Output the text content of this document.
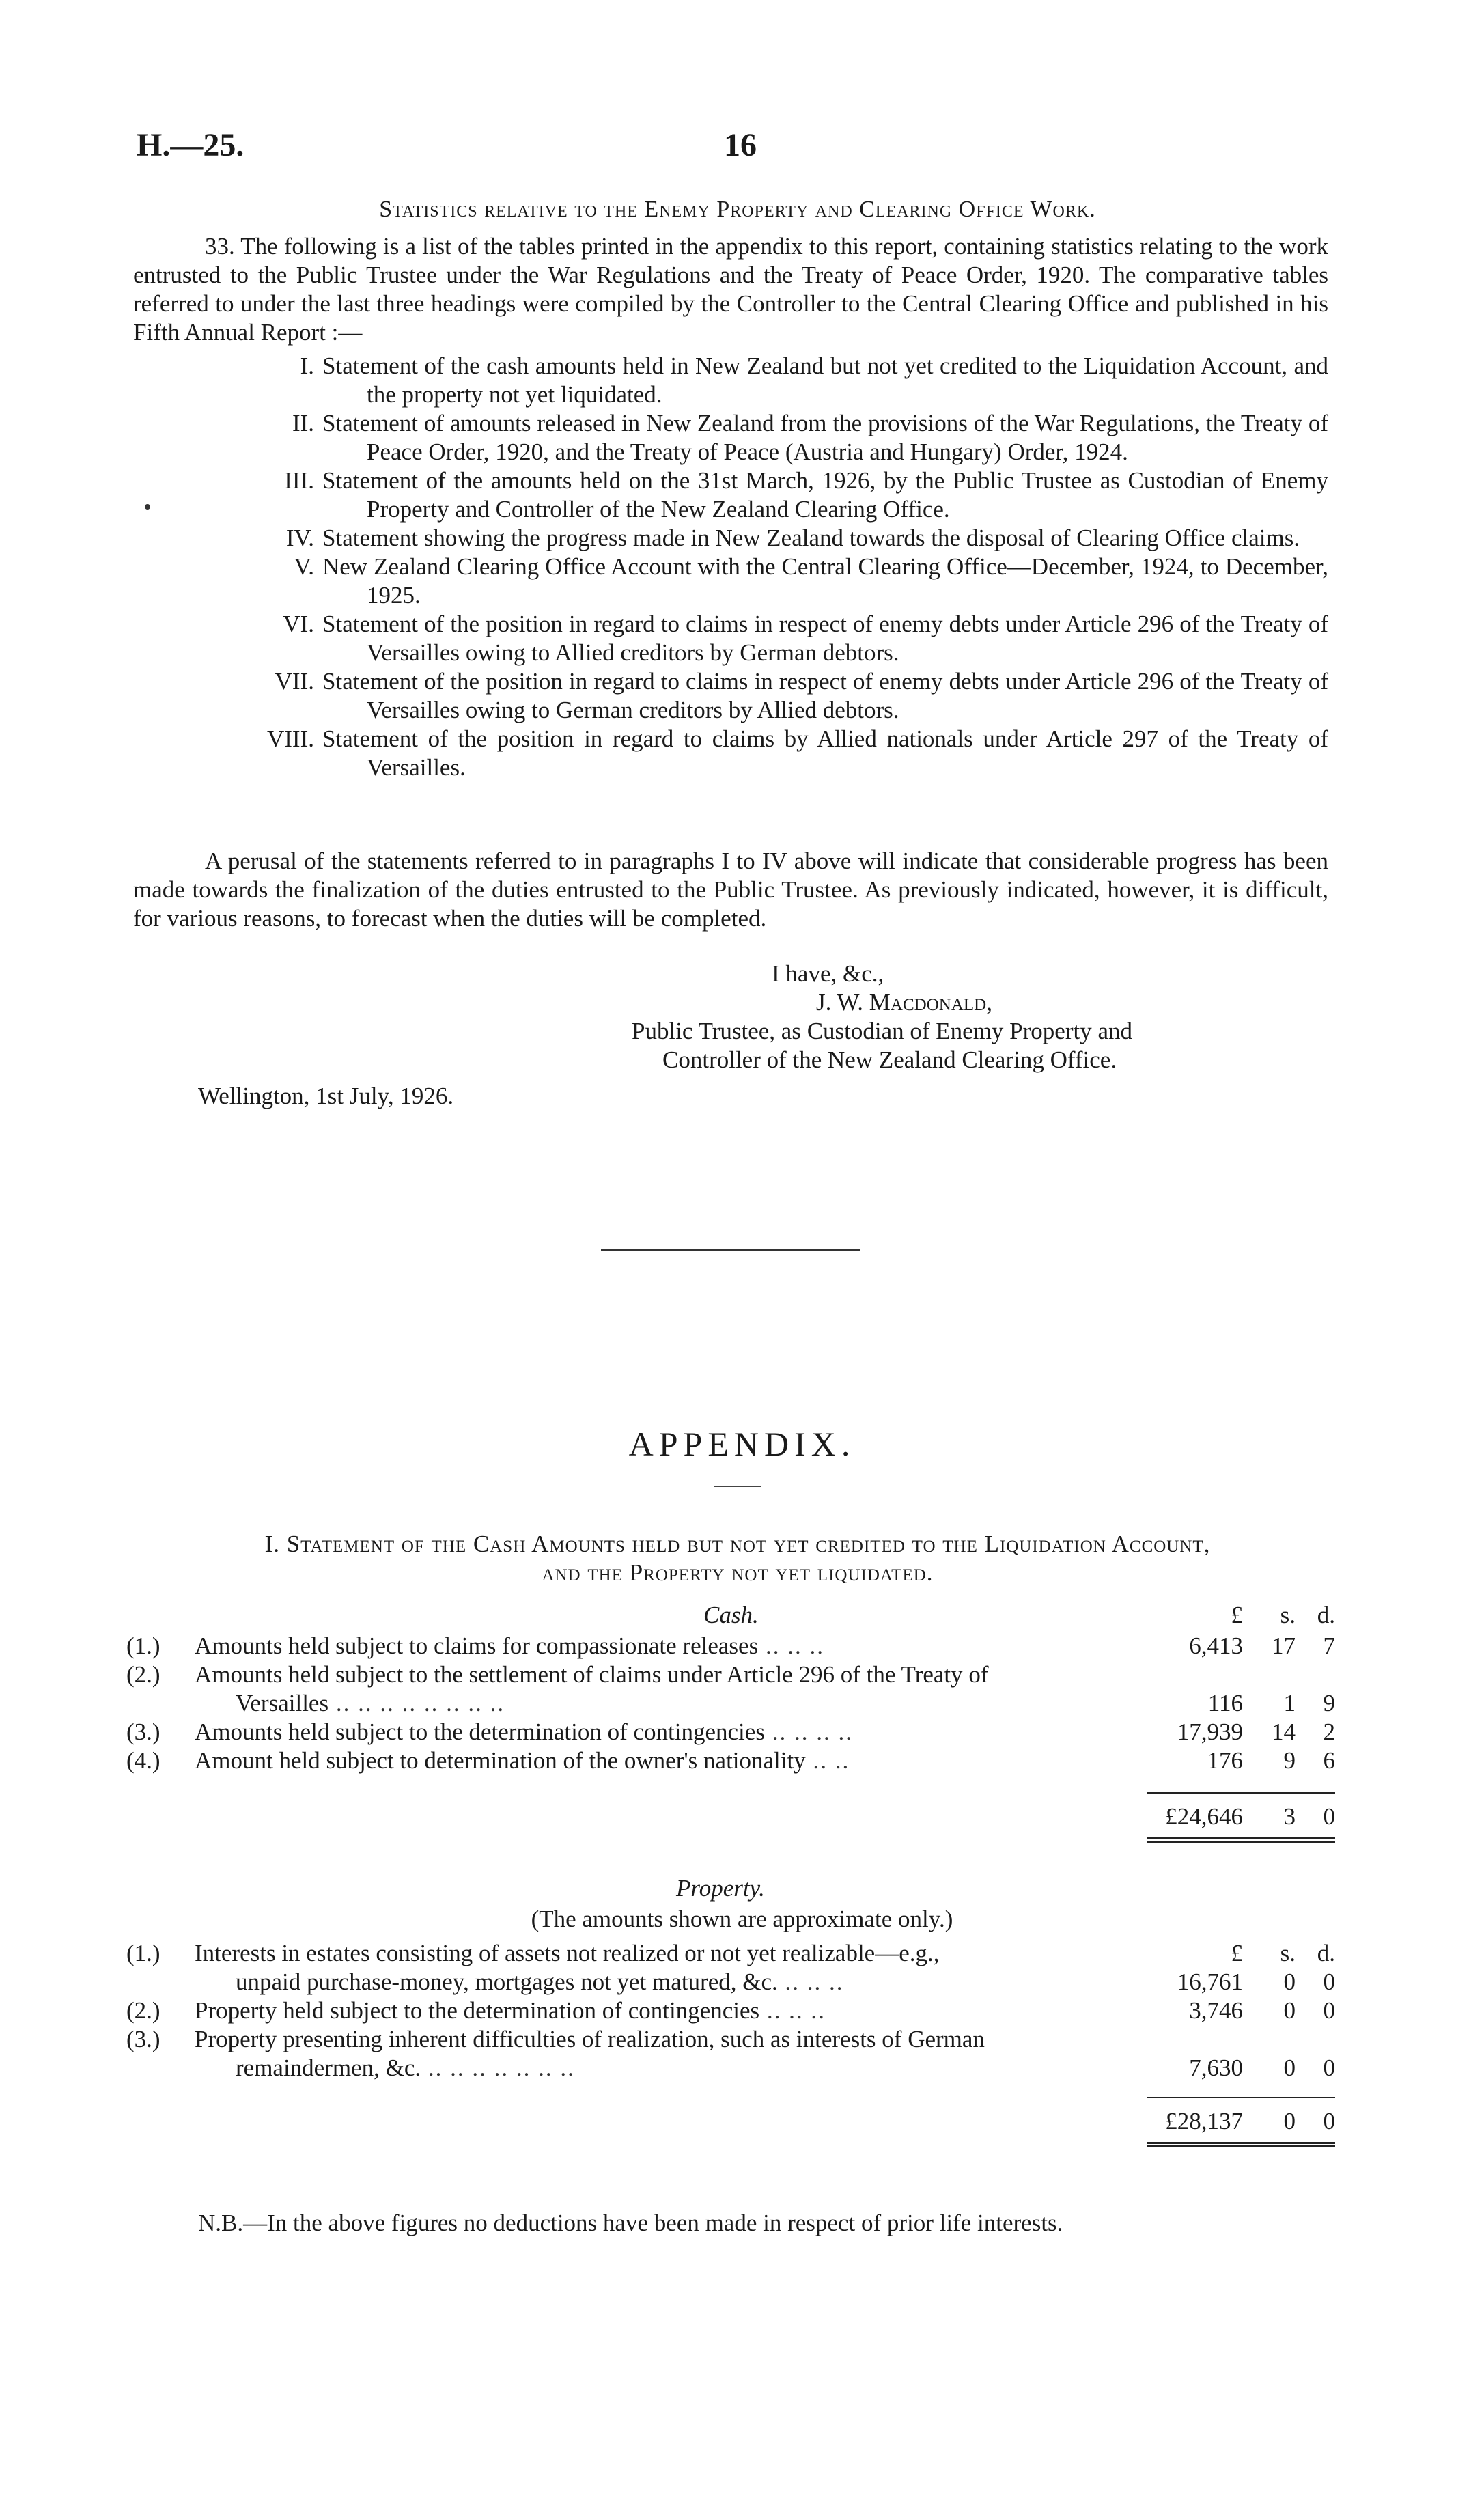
H.—25.	16
Statistics relative to the Enemy Property and Clearing Office Work.
33. The following is a list of the tables printed in the appendix to this report, containing statistics relating to the work entrusted to the Public Trustee under the War Regulations and the Treaty of Peace Order, 1920. The comparative tables referred to under the last three headings were compiled by the Controller to the Central Clearing Office and published in his Fifth Annual Report :—
I. Statement of the cash amounts held in New Zealand but not yet credited to the Liquidation Account, and the property not yet liquidated.
II. Statement of amounts released in New Zealand from the provisions of the War Regulations, the Treaty of Peace Order, 1920, and the Treaty of Peace (Austria and Hungary) Order, 1924.
III. Statement of the amounts held on the 31st March, 1926, by the Public Trustee as Custodian of Enemy Property and Controller of the New Zealand Clearing Office.
IV. Statement showing the progress made in New Zealand towards the disposal of Clearing Office claims.
V. New Zealand Clearing Office Account with the Central Clearing Office—December, 1924, to December, 1925.
VI. Statement of the position in regard to claims in respect of enemy debts under Article 296 of the Treaty of Versailles owing to Allied creditors by German debtors.
VII. Statement of the position in regard to claims in respect of enemy debts under Article 296 of the Treaty of Versailles owing to German creditors by Allied debtors.
VIII. Statement of the position in regard to claims by Allied nationals under Article 297 of the Treaty of Versailles.
A perusal of the statements referred to in paragraphs I to IV above will indicate that considerable progress has been made towards the finalization of the duties entrusted to the Public Trustee. As previously indicated, however, it is difficult, for various reasons, to forecast when the duties will be completed.
I have, &c.,
J. W. Macdonald,
Public Trustee, as Custodian of Enemy Property and
Controller of the New Zealand Clearing Office.
Wellington, 1st July, 1926.
APPENDIX.
I. Statement of the Cash Amounts held but not yet credited to the Liquidation Account,
and the Property not yet liquidated.
Cash.	£	s. d.
(1.)	Amounts held subject to claims for compassionate releases .. .. ..	6,413	17	7
(2.)	Amounts held subject to the settlement of claims under Article 296 of the Treaty of
Versailles .. .. .. .. .. .. .. ..	116	1	9
(3.)	Amounts held subject to the determination of contingencies .. .. .. ..	17,939	14	2
(4.)	Amount held subject to determination of the owner's nationality .. ..	176	9	6
£24,646	3	0
Property.
(The amounts shown are approximate only.)
(1.)	Interests in estates consisting of assets not realized or not yet realizable—e.g.,	£	s. d.
unpaid purchase-money, mortgages not yet matured, &c. .. .. ..	16,761	0	0
(2.)	Property held subject to the determination of contingencies .. .. ..	3,746	0	0
(3.)	Property presenting inherent difficulties of realization, such as interests of German
remaindermen, &c. .. .. .. .. .. .. ..	7,630	0	0
£28,137	0	0
N.B.—In the above figures no deductions have been made in respect of prior life interests.
